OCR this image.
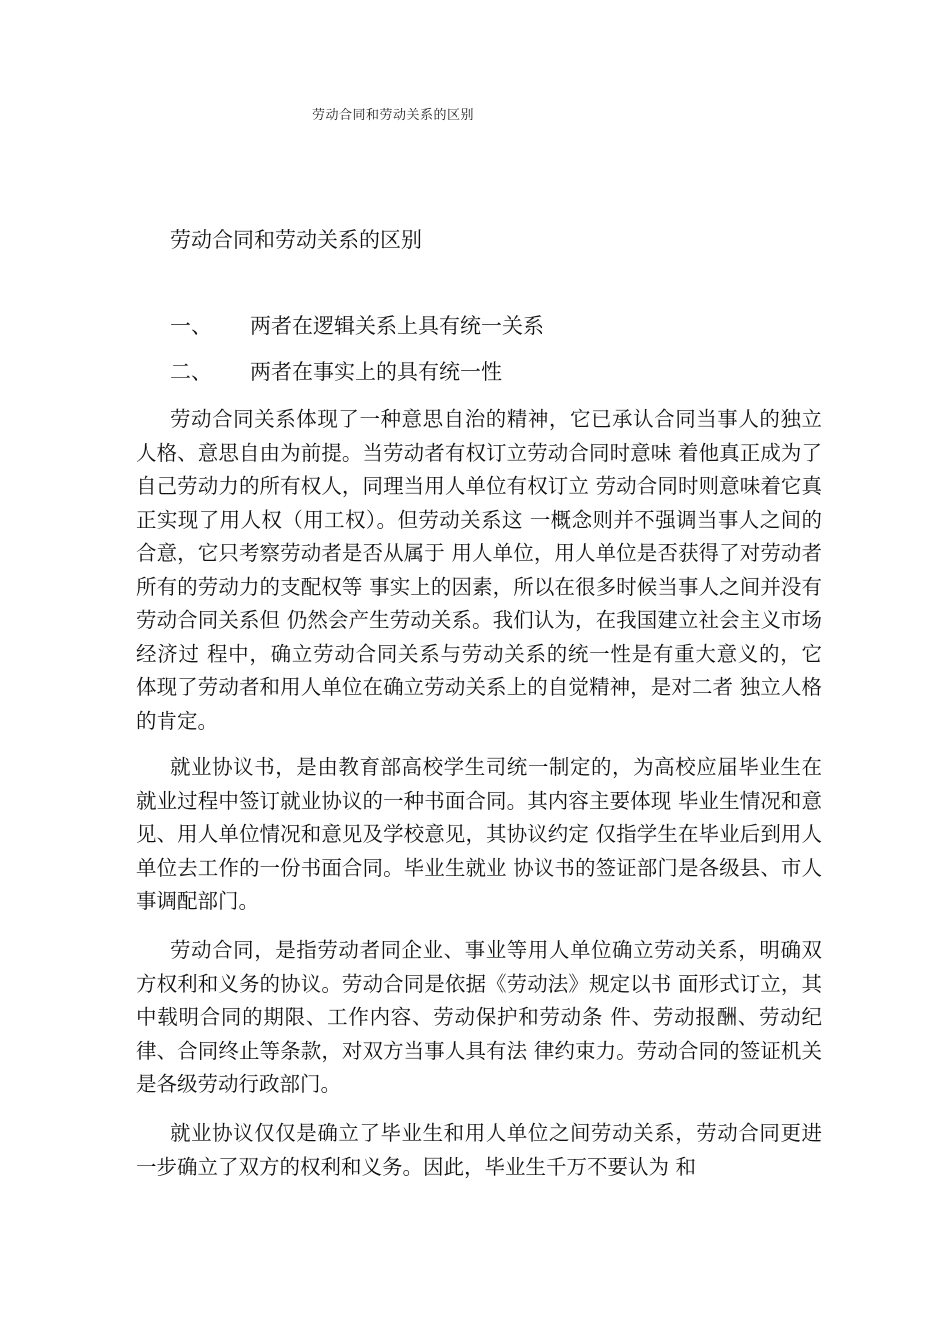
劳动合同和劳动关系的区别
劳动合同和劳动关系的区别
一、 两者在逻辑关系上具有统一关系
二、 两者在事实上的具有统一性

劳动合同关系体现了一种意思自治的精神，它已承认合同当事人的独立人格、意思自由为前提。当劳动者有权订立劳动合同时意味 着他真正成为了自己劳动力的所有权人，同理当用人单位有权订立 劳动合同时则意味着它真正实现了用人权（用工权）。但劳动关系这 一概念则并不强调当事人之间的合意，它只考察劳动者是否从属于 用人单位，用人单位是否获得了对劳动者所有的劳动力的支配权等 事实上的因素，所以在很多时候当事人之间并没有劳动合同关系但 仍然会产生劳动关系。我们认为，在我国建立社会主义市场经济过 程中，确立劳动合同关系与劳动关系的统一性是有重大意义的，它 体现了劳动者和用人单位在确立劳动关系上的自觉精神，是对二者 独立人格的肯定。

就业协议书，是由教育部高校学生司统一制定的，为高校应届毕业生在就业过程中签订就业协议的一种书面合同。其内容主要体现 毕业生情况和意见、用人单位情况和意见及学校意见，其协议约定 仅指学生在毕业后到用人单位去工作的一份书面合同。毕业生就业 协议书的签证部门是各级县、市人事调配部门。

劳动合同，是指劳动者同企业、事业等用人单位确立劳动关系，明确双方权利和义务的协议。劳动合同是依据《劳动法》规定以书 面形式订立，其中载明合同的期限、工作内容、劳动保护和劳动条 件、劳动报酬、劳动纪律、合同终止等条款，对双方当事人具有法 律约束力。劳动合同的签证机关是各级劳动行政部门。

就业协议仅仅是确立了毕业生和用人单位之间劳动关系，劳动合同更进一步确立了双方的权利和义务。因此，毕业生千万不要认为 和
